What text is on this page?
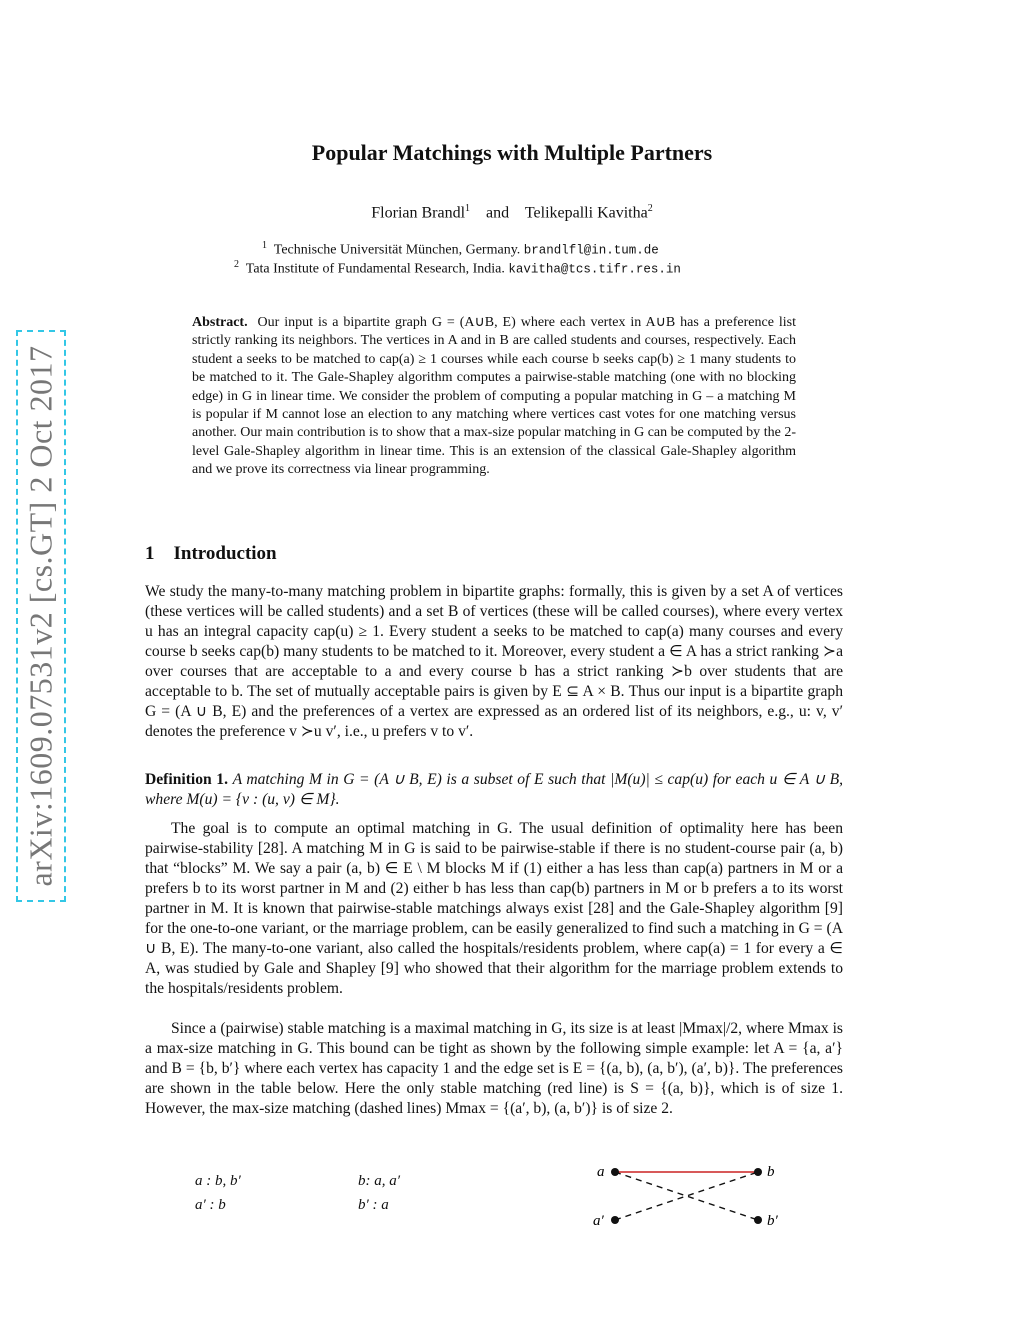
arXiv:1609.07531v2 [cs.GT] 2 Oct 2017
Popular Matchings with Multiple Partners
Florian Brandl$^1$ and Telikepalli Kavitha$^2$
$^1$ Technische Universität München, Germany. brandlfl@in.tum.de
$^2$ Tata Institute of Fundamental Research, India. kavitha@tcs.tifr.res.in
Abstract. Our input is a bipartite graph G = (A∪B, E) where each vertex in A∪B has a preference list strictly ranking its neighbors. The vertices in A and in B are called students and courses, respectively. Each student a seeks to be matched to cap(a) ≥ 1 courses while each course b seeks cap(b) ≥ 1 many students to be matched to it. The Gale-Shapley algorithm computes a pairwise-stable matching (one with no blocking edge) in G in linear time. We consider the problem of computing a popular matching in G – a matching M is popular if M cannot lose an election to any matching where vertices cast votes for one matching versus another. Our main contribution is to show that a max-size popular matching in G can be computed by the 2-level Gale-Shapley algorithm in linear time. This is an extension of the classical Gale-Shapley algorithm and we prove its correctness via linear programming.
1 Introduction

We study the many-to-many matching problem in bipartite graphs: formally, this is given by a set A of vertices (these vertices will be called students) and a set B of vertices (these will be called courses), where every vertex u has an integral capacity cap(u) ≥ 1. Every student a seeks to be matched to cap(a) many courses and every course b seeks cap(b) many students to be matched to it. Moreover, every student a ∈ A has a strict ranking ≻a over courses that are acceptable to a and every course b has a strict ranking ≻b over students that are acceptable to b. The set of mutually acceptable pairs is given by E ⊆ A × B. Thus our input is a bipartite graph G = (A ∪ B, E) and the preferences of a vertex are expressed as an ordered list of its neighbors, e.g., u: v, v′ denotes the preference v ≻u v′, i.e., u prefers v to v′.

Definition 1. A matching M in G = (A ∪ B, E) is a subset of E such that |M(u)| ≤ cap(u) for each u ∈ A ∪ B, where M(u) = {v : (u, v) ∈ M}.

The goal is to compute an optimal matching in G. The usual definition of optimality here has been pairwise-stability [28]. A matching M in G is said to be pairwise-stable if there is no student-course pair (a, b) that “blocks” M. We say a pair (a, b) ∈ E \ M blocks M if (1) either a has less than cap(a) partners in M or a prefers b to its worst partner in M and (2) either b has less than cap(b) partners in M or b prefers a to its worst partner in M. It is known that pairwise-stable matchings always exist [28] and the Gale-Shapley algorithm [9] for the one-to-one variant, or the marriage problem, can be easily generalized to find such a matching in G = (A ∪ B, E). The many-to-one variant, also called the hospitals/residents problem, where cap(a) = 1 for every a ∈ A, was studied by Gale and Shapley [9] who showed that their algorithm for the marriage problem extends to the hospitals/residents problem.

Since a (pairwise) stable matching is a maximal matching in G, its size is at least |Mmax|/2, where Mmax is a max-size matching in G. This bound can be tight as shown by the following simple example: let A = {a, a′} and B = {b, b′} where each vertex has capacity 1 and the edge set is E = {(a, b), (a, b′), (a′, b)}. The preferences are shown in the table below. Here the only stable matching (red line) is S = {(a, b)}, which is of size 1. However, the max-size matching (dashed lines) Mmax = {(a′, b), (a, b′)} is of size 2.

a : b, b′
a′ : b
b: a, a′
b′ : a
a	b
a′	b′
